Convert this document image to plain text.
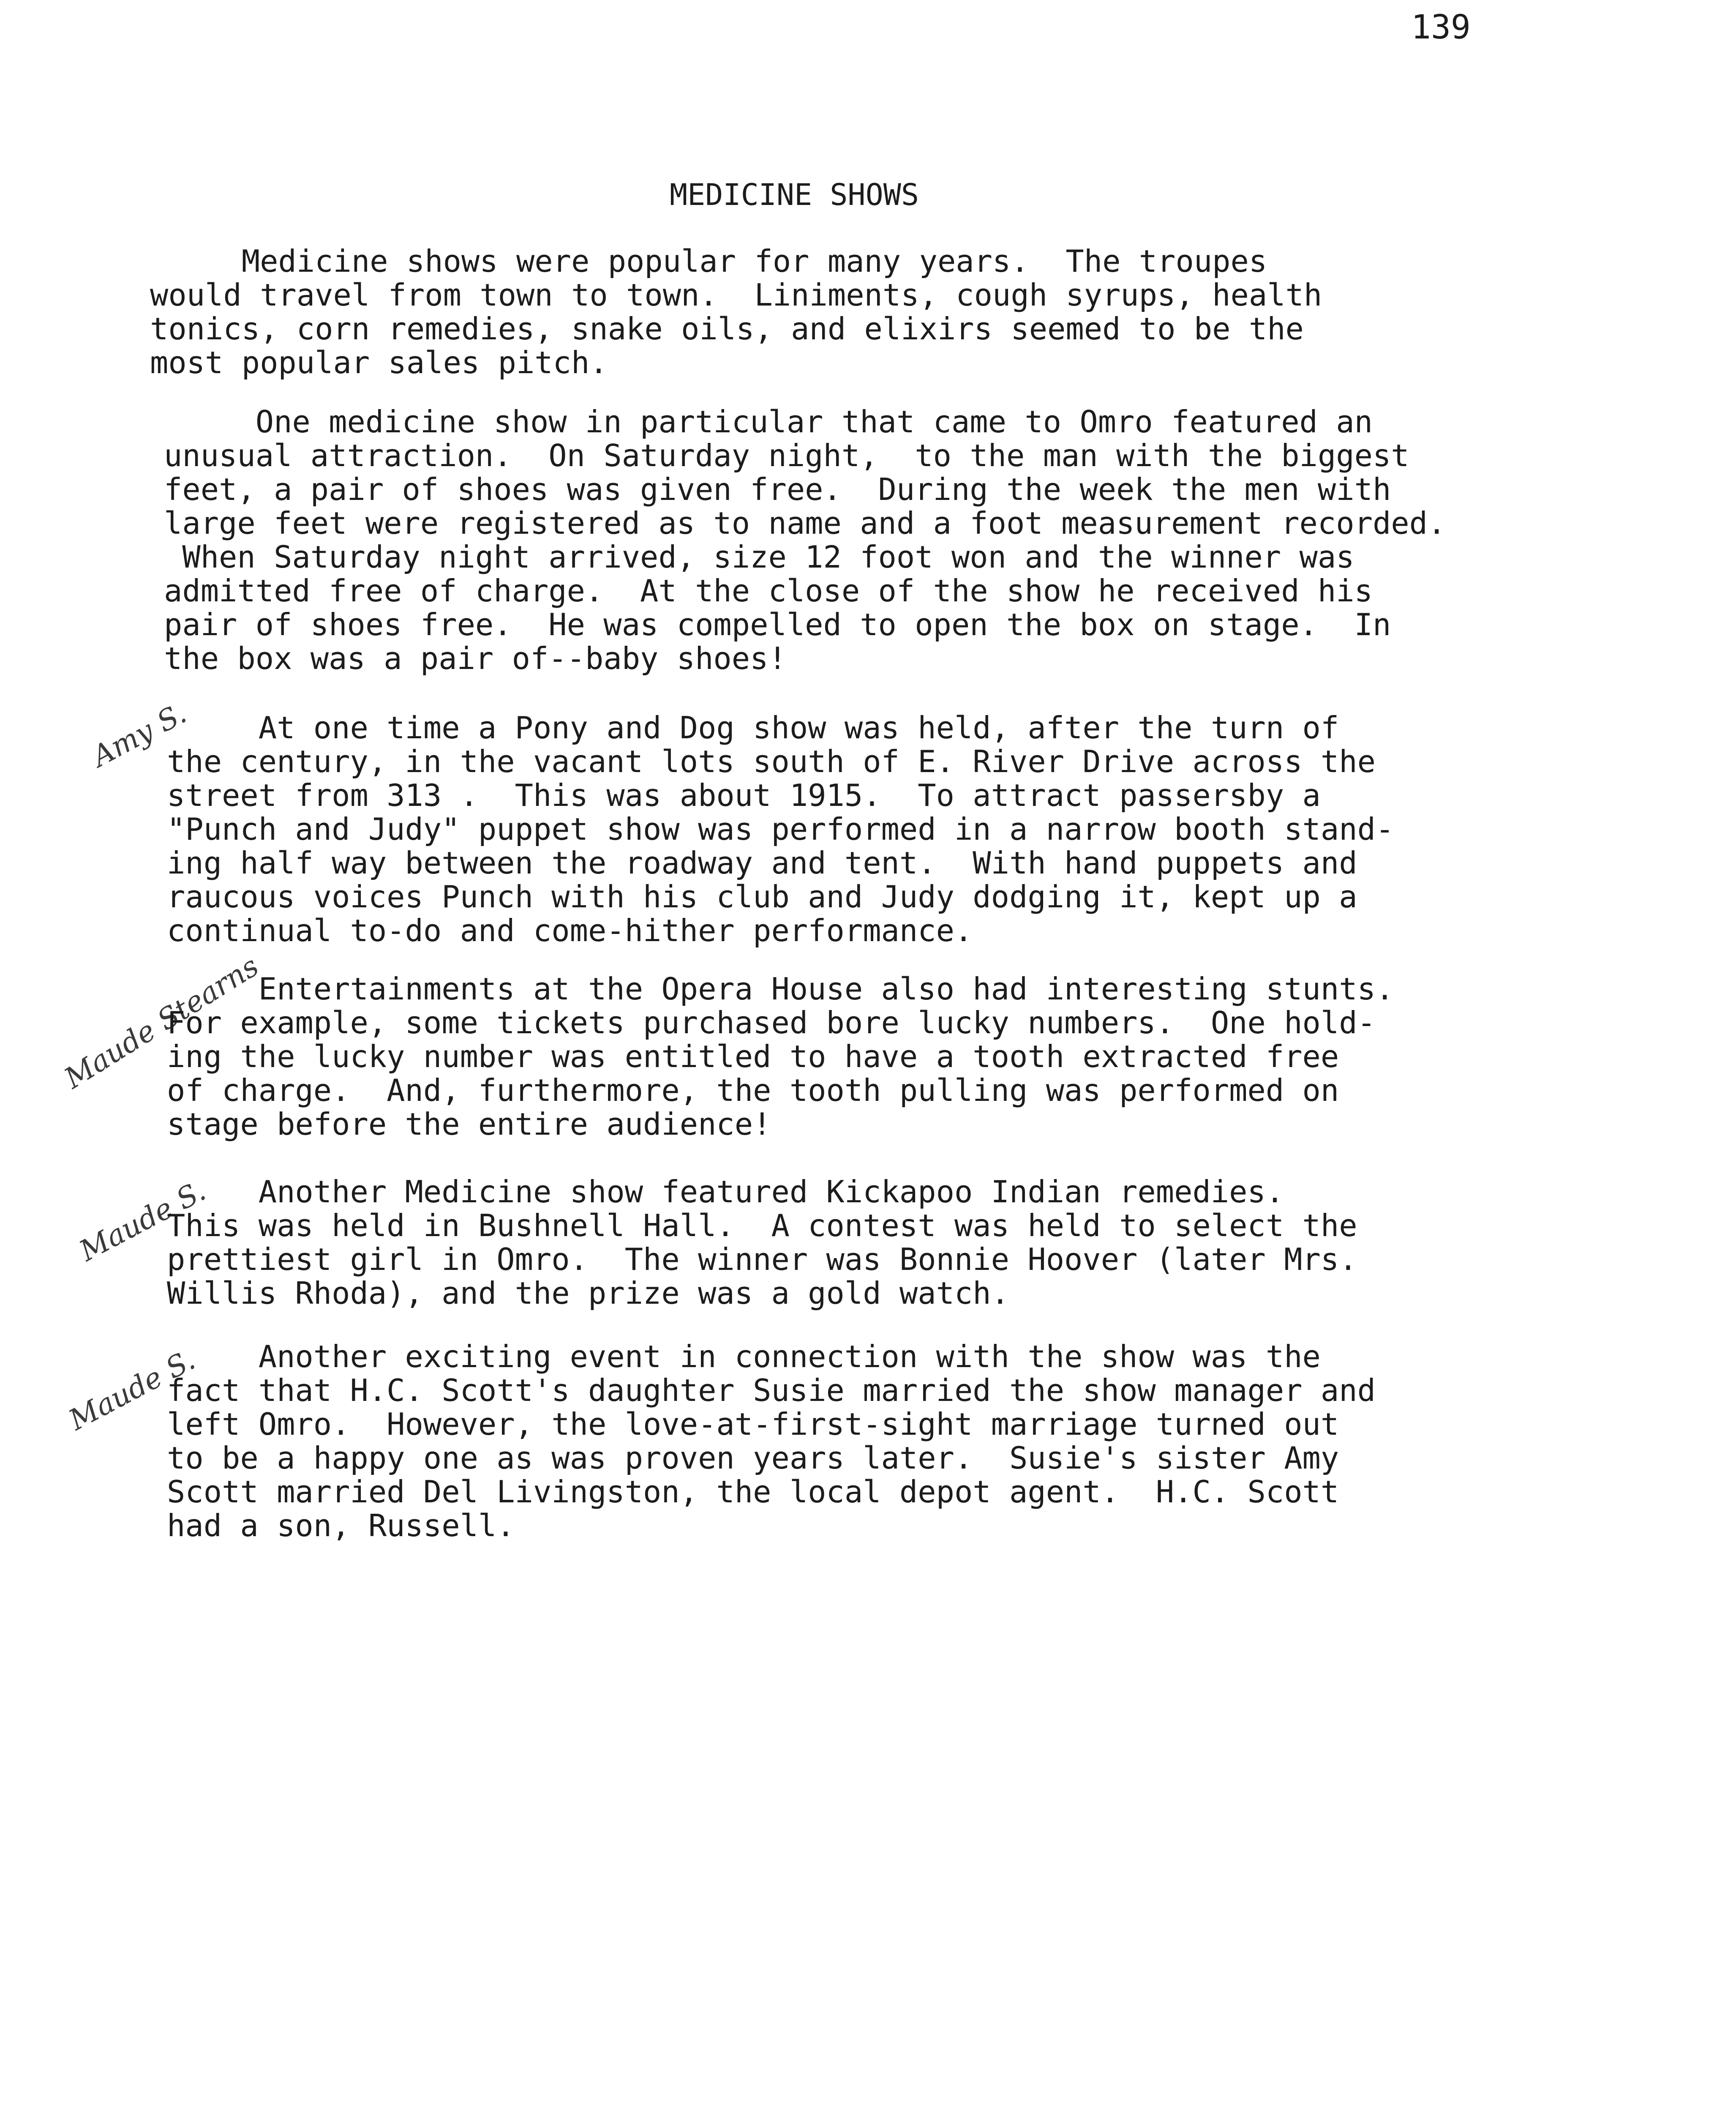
139
MEDICINE SHOWS
Medicine shows were popular for many years.  The troupes
would travel from town to town.  Liniments, cough syrups, health
tonics, corn remedies, snake oils, and elixirs seemed to be the
most popular sales pitch.
One medicine show in particular that came to Omro featured an
unusual attraction.  On Saturday night,  to the man with the biggest
feet, a pair of shoes was given free.  During the week the men with
large feet were registered as to name and a foot measurement recorded.
When Saturday night arrived, size 12 foot won and the winner was
admitted free of charge.  At the close of the show he received his
pair of shoes free.  He was compelled to open the box on stage.  In
the box was a pair of--baby shoes!
Amy S.
At one time a Pony and Dog show was held, after the turn of
the century, in the vacant lots south of E. River Drive across the
street from 313 .  This was about 1915.  To attract passersby a
"Punch and Judy" puppet show was performed in a narrow booth stand-
ing half way between the roadway and tent.  With hand puppets and
raucous voices Punch with his club and Judy dodging it, kept up a
continual to-do and come-hither performance.
Maude Stearns
Entertainments at the Opera House also had interesting stunts.
For example, some tickets purchased bore lucky numbers.  One hold-
ing the lucky number was entitled to have a tooth extracted free
of charge.  And, furthermore, the tooth pulling was performed on
stage before the entire audience!
Maude S.
Another Medicine show featured Kickapoo Indian remedies.
This was held in Bushnell Hall.  A contest was held to select the
prettiest girl in Omro.  The winner was Bonnie Hoover (later Mrs.
Willis Rhoda), and the prize was a gold watch.
Maude S.
Another exciting event in connection with the show was the
fact that H.C. Scott's daughter Susie married the show manager and
left Omro.  However, the love-at-first-sight marriage turned out
to be a happy one as was proven years later.  Susie's sister Amy
Scott married Del Livingston, the local depot agent.  H.C. Scott
had a son, Russell.
